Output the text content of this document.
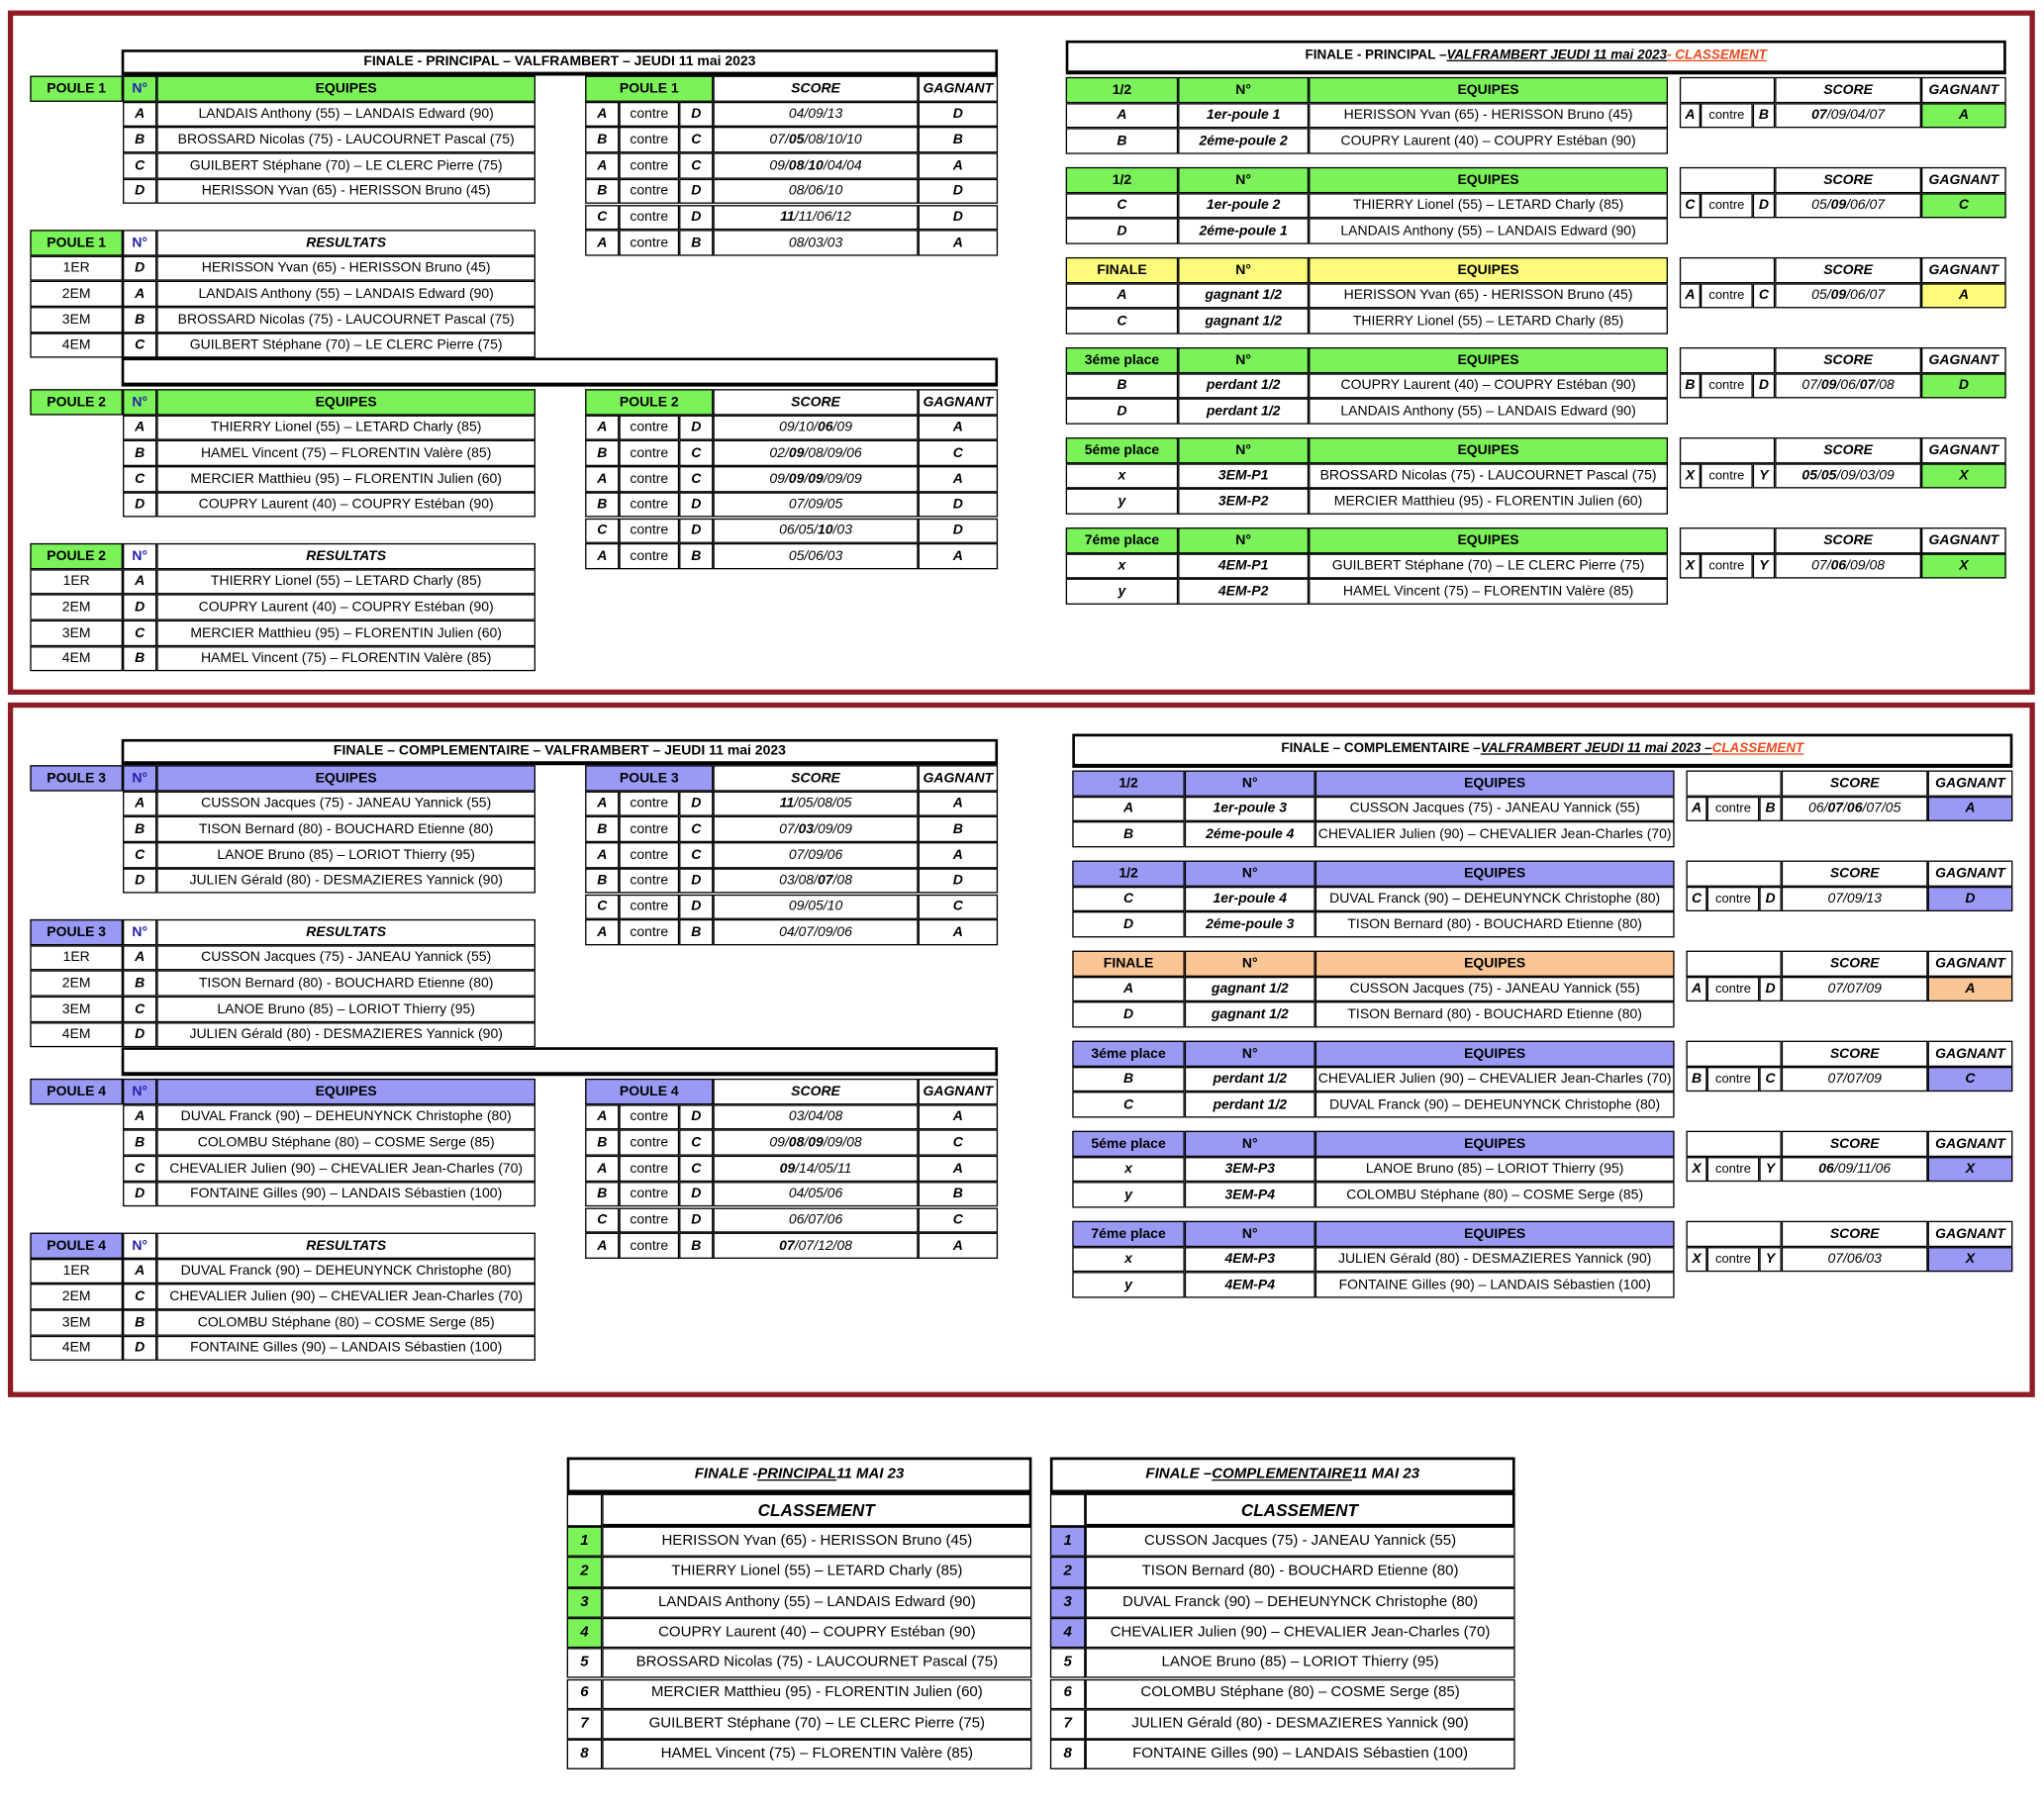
FINALE - PRINCIPAL – VALFRAMBERT – JEUDI 11 mai 2023
POULE 1	N°	EQUIPES
A	LANDAIS Anthony (55) – LANDAIS Edward (90)
B	BROSSARD Nicolas (75) - LAUCOURNET Pascal (75)
C	GUILBERT Stéphane (70) – LE CLERC Pierre (75)
D	HERISSON Yvan (65) - HERISSON Bruno (45)
POULE 1	SCORE	GAGNANT
A	contre	D	04/09/13	D
B	contre	C	07/ 05 /08/10/10	B
A	contre	C	09/ 08 / 10 /04/04	A
B	contre	D	08/06/10	D
C	contre	D	11 /11/06/12	D
A	contre	B	08/03/03	A
POULE 1	N°	RESULTATS
1ER	D	HERISSON Yvan (65) - HERISSON Bruno (45)
2EM	A	LANDAIS Anthony (55) – LANDAIS Edward (90)
3EM	B	BROSSARD Nicolas (75) - LAUCOURNET Pascal (75)
4EM	C	GUILBERT Stéphane (70) – LE CLERC Pierre (75)
POULE 2	N°	EQUIPES
A	THIERRY Lionel (55) – LETARD Charly (85)
B	HAMEL Vincent (75) – FLORENTIN Valère (85)
C	MERCIER Matthieu (95) – FLORENTIN Julien (60)
D	COUPRY Laurent (40) – COUPRY Estéban (90)
POULE 2	SCORE	GAGNANT
A	contre	D	09/10/ 06 /09	A
B	contre	C	02/ 09 /08/09/06	C
A	contre	C	09/ 09 / 09 /09/09	A
B	contre	D	07/09/05	D
C	contre	D	06/05/ 10 /03	D
A	contre	B	05/06/03	A
POULE 2	N°	RESULTATS
1ER	A	THIERRY Lionel (55) – LETARD Charly (85)
2EM	D	COUPRY Laurent (40) – COUPRY Estéban (90)
3EM	C	MERCIER Matthieu (95) – FLORENTIN Julien (60)
4EM	B	HAMEL Vincent (75) – FLORENTIN Valère (85)
FINALE - PRINCIPAL – VALFRAMBERT JEUDI 11 mai 2023 - CLASSEMENT
1/2	N°	EQUIPES
A	1er-poule 1	HERISSON Yvan (65) - HERISSON Bruno (45)
B	2éme-poule 2	COUPRY Laurent (40) – COUPRY Estéban (90)
SCORE	GAGNANT
A	contre	B	07 /09/04/07	A
1/2	N°	EQUIPES
C	1er-poule 2	THIERRY Lionel (55) – LETARD Charly (85)
D	2éme-poule 1	LANDAIS Anthony (55) – LANDAIS Edward (90)
SCORE	GAGNANT
C	contre	D	05/ 09 /06/07	C
FINALE	N°	EQUIPES
A	gagnant 1/2	HERISSON Yvan (65) - HERISSON Bruno (45)
C	gagnant 1/2	THIERRY Lionel (55) – LETARD Charly (85)
SCORE	GAGNANT
A	contre	C	05/ 09 /06/07	A
3éme place	N°	EQUIPES
B	perdant 1/2	COUPRY Laurent (40) – COUPRY Estéban (90)
D	perdant 1/2	LANDAIS Anthony (55) – LANDAIS Edward (90)
SCORE	GAGNANT
B	contre	D	07/ 09 /06/ 07 /08	D
5éme place	N°	EQUIPES
x	3EM-P1	BROSSARD Nicolas (75) - LAUCOURNET Pascal (75)
y	3EM-P2	MERCIER Matthieu (95) - FLORENTIN Julien (60)
SCORE	GAGNANT
X	contre	Y	05 / 05 /09/03/09	X
7éme place	N°	EQUIPES
x	4EM-P1	GUILBERT Stéphane (70) – LE CLERC Pierre (75)
y	4EM-P2	HAMEL Vincent (75) – FLORENTIN Valère (85)
SCORE	GAGNANT
X	contre	Y	07/ 06 /09/08	X
FINALE – COMPLEMENTAIRE – VALFRAMBERT – JEUDI 11 mai 2023
POULE 3	N°	EQUIPES
A	CUSSON Jacques (75) - JANEAU Yannick (55)
B	TISON Bernard (80) - BOUCHARD Etienne (80)
C	LANOE Bruno (85) – LORIOT Thierry (95)
D	JULIEN Gérald (80) - DESMAZIERES Yannick (90)
POULE 3	SCORE	GAGNANT
A	contre	D	11 /05/08/05	A
B	contre	C	07/ 03 /09/09	B
A	contre	C	07/09/06	A
B	contre	D	03/08/ 07 /08	D
C	contre	D	09/05/10	C
A	contre	B	04/07/09/06	A
POULE 3	N°	RESULTATS
1ER	A	CUSSON Jacques (75) - JANEAU Yannick (55)
2EM	B	TISON Bernard (80) - BOUCHARD Etienne (80)
3EM	C	LANOE Bruno (85) – LORIOT Thierry (95)
4EM	D	JULIEN Gérald (80) - DESMAZIERES Yannick (90)
POULE 4	N°	EQUIPES
A	DUVAL Franck (90) – DEHEUNYNCK Christophe (80)
B	COLOMBU Stéphane (80) – COSME Serge (85)
C	CHEVALIER Julien (90) – CHEVALIER Jean-Charles (70)
D	FONTAINE Gilles (90) – LANDAIS Sébastien (100)
POULE 4	SCORE	GAGNANT
A	contre	D	03/04/08	A
B	contre	C	09/ 08 / 09 /09/08	C
A	contre	C	09 /14/05/11	A
B	contre	D	04/05/06	B
C	contre	D	06/07/06	C
A	contre	B	07 /07/12/08	A
POULE 4	N°	RESULTATS
1ER	A	DUVAL Franck (90) – DEHEUNYNCK Christophe (80)
2EM	C	CHEVALIER Julien (90) – CHEVALIER Jean-Charles (70)
3EM	B	COLOMBU Stéphane (80) – COSME Serge (85)
4EM	D	FONTAINE Gilles (90) – LANDAIS Sébastien (100)
FINALE – COMPLEMENTAIRE – VALFRAMBERT JEUDI 11 mai 2023 – CLASSEMENT
1/2	N°	EQUIPES
A	1er-poule 3	CUSSON Jacques (75) - JANEAU Yannick (55)
B	2éme-poule 4	CHEVALIER Julien (90) – CHEVALIER Jean-Charles (70)
SCORE	GAGNANT
A	contre	B	06/ 07 / 06 /07/05	A
1/2	N°	EQUIPES
C	1er-poule 4	DUVAL Franck (90) – DEHEUNYNCK Christophe (80)
D	2éme-poule 3	TISON Bernard (80) - BOUCHARD Etienne (80)
SCORE	GAGNANT
C	contre	D	07/09/13	D
FINALE	N°	EQUIPES
A	gagnant 1/2	CUSSON Jacques (75) - JANEAU Yannick (55)
D	gagnant 1/2	TISON Bernard (80) - BOUCHARD Etienne (80)
SCORE	GAGNANT
A	contre	D	07/07/09	A
3éme place	N°	EQUIPES
B	perdant 1/2	CHEVALIER Julien (90) – CHEVALIER Jean-Charles (70)
C	perdant 1/2	DUVAL Franck (90) – DEHEUNYNCK Christophe (80)
SCORE	GAGNANT
B	contre	C	07/07/09	C
5éme place	N°	EQUIPES
x	3EM-P3	LANOE Bruno (85) – LORIOT Thierry (95)
y	3EM-P4	COLOMBU Stéphane (80) – COSME Serge (85)
SCORE	GAGNANT
X	contre	Y	06 /09/11/06	X
7éme place	N°	EQUIPES
x	4EM-P3	JULIEN Gérald (80) - DESMAZIERES Yannick (90)
y	4EM-P4	FONTAINE Gilles (90) – LANDAIS Sébastien (100)
SCORE	GAGNANT
X	contre	Y	07/06/03	X
FINALE - PRINCIPAL 11 MAI 23
CLASSEMENT
1	HERISSON Yvan (65) - HERISSON Bruno (45)
2	THIERRY Lionel (55) – LETARD Charly (85)
3	LANDAIS Anthony (55) – LANDAIS Edward (90)
4	COUPRY Laurent (40) – COUPRY Estéban (90)
5	BROSSARD Nicolas (75) - LAUCOURNET Pascal (75)
6	MERCIER Matthieu (95) - FLORENTIN Julien (60)
7	GUILBERT Stéphane (70) – LE CLERC Pierre (75)
8	HAMEL Vincent (75) – FLORENTIN Valère (85)
FINALE – COMPLEMENTAIRE 11 MAI 23
CLASSEMENT
1	CUSSON Jacques (75) - JANEAU Yannick (55)
2	TISON Bernard (80) - BOUCHARD Etienne (80)
3	DUVAL Franck (90) – DEHEUNYNCK Christophe (80)
4	CHEVALIER Julien (90) – CHEVALIER Jean-Charles (70)
5	LANOE Bruno (85) – LORIOT Thierry (95)
6	COLOMBU Stéphane (80) – COSME Serge (85)
7	JULIEN Gérald (80) - DESMAZIERES Yannick (90)
8	FONTAINE Gilles (90) – LANDAIS Sébastien (100)
